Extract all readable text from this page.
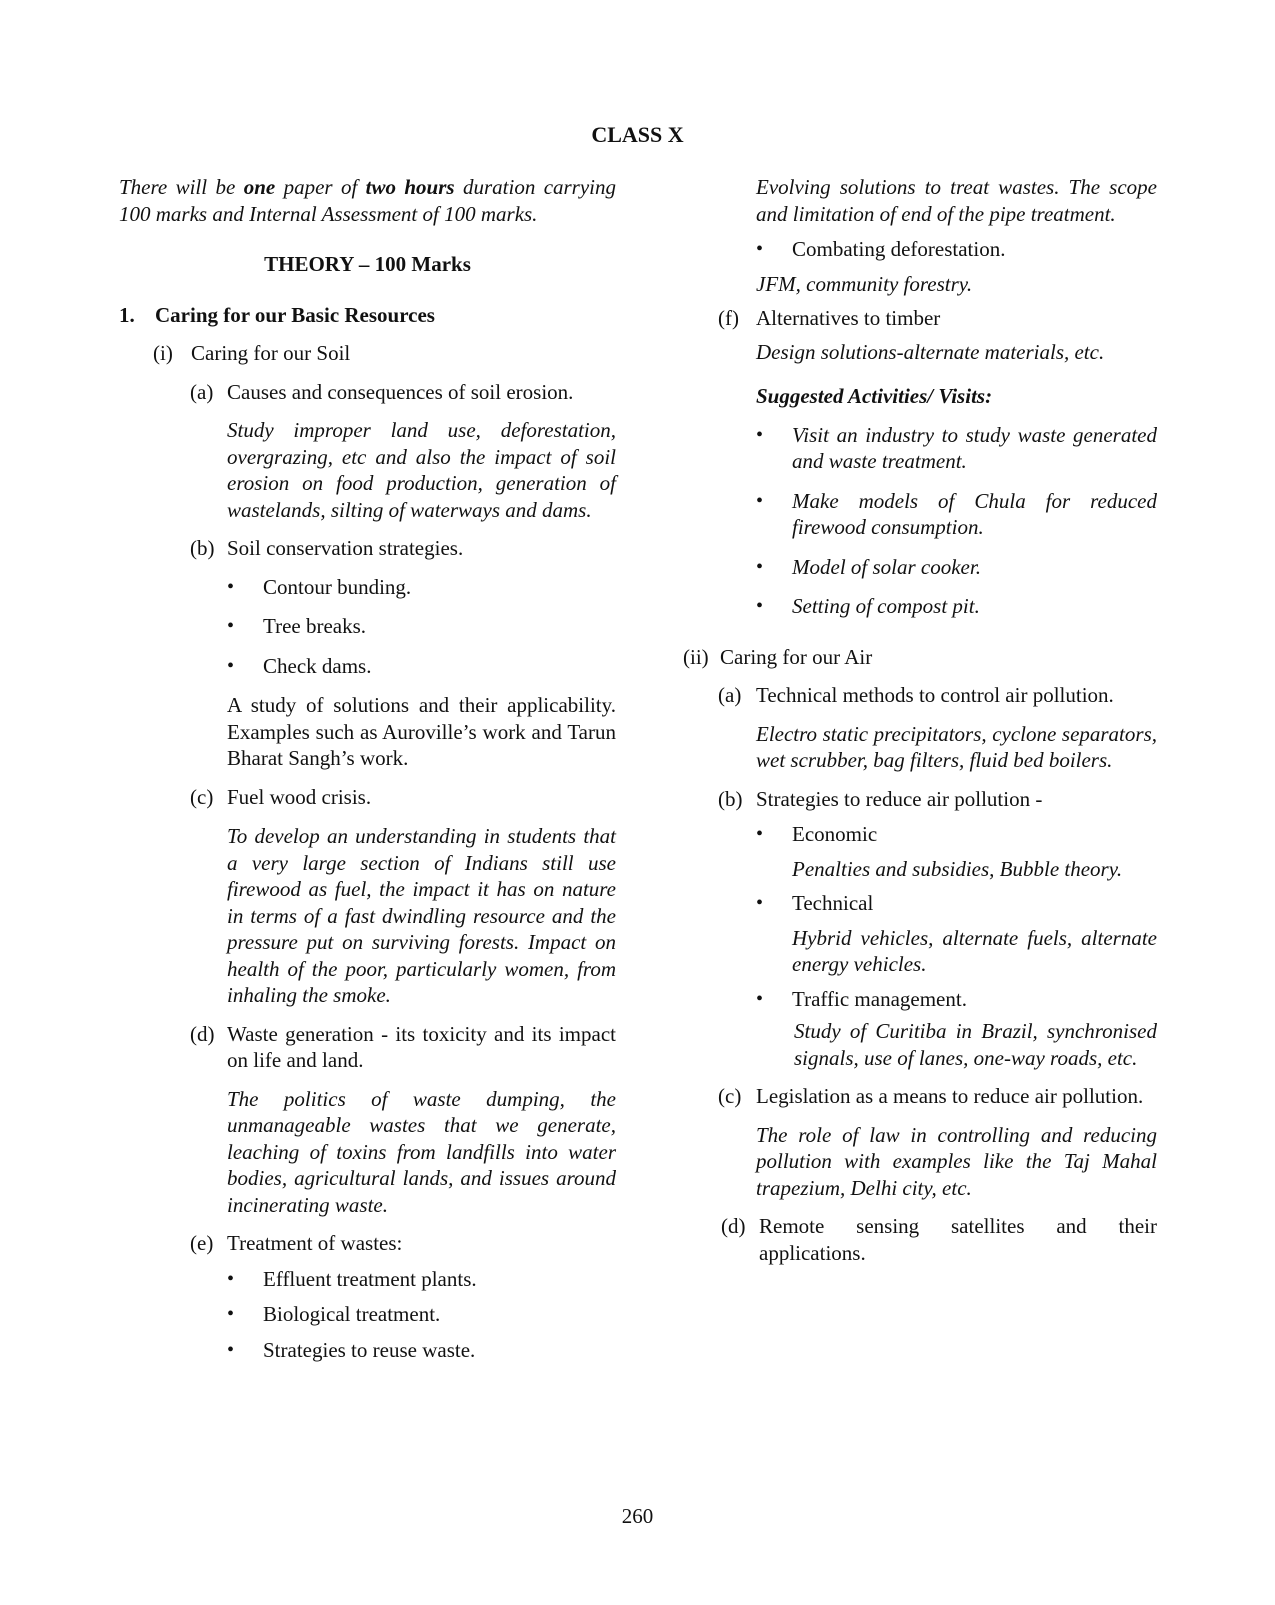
CLASS X

There will be one paper of two hours duration carrying 100 marks and Internal Assessment of 100 marks.

THEORY – 100 Marks

1. Caring for our Basic Resources
(i) Caring for our Soil
(a) Causes and consequences of soil erosion.

Study improper land use, deforestation, overgrazing, etc and also the impact of soil erosion on food production, generation of wastelands, silting of waterways and dams.

(b) Soil conservation strategies.
•	Contour bunding.
•	Tree breaks.
•	Check dams.

A study of solutions and their applicability. Examples such as Auroville’s work and Tarun Bharat Sangh’s work.

(c) Fuel wood crisis.

To develop an understanding in students that a very large section of Indians still use firewood as fuel, the impact it has on nature in terms of a fast dwindling resource and the pressure put on surviving forests. Impact on health of the poor, particularly women, from inhaling the smoke.

(d) Waste generation - its toxicity and its impact on life and land.

The politics of waste dumping, the unmanageable wastes that we generate, leaching of toxins from landfills into water bodies, agricultural lands, and issues around incinerating waste.

(e) Treatment of wastes:
•	Effluent treatment plants.
•	Biological treatment.
•	Strategies to reuse waste.

Evolving solutions to treat wastes. The scope and limitation of end of the pipe treatment.

•	Combating deforestation.

JFM, community forestry.

(f) Alternatives to timber

Design solutions-alternate materials, etc.

Suggested Activities/ Visits:

•	Visit an industry to study waste generated and waste treatment.
•	Make models of Chula for reduced firewood consumption.
•	Model of solar cooker.
•	Setting of compost pit.
(ii) Caring for our Air
(a) Technical methods to control air pollution.

Electro static precipitators, cyclone separators, wet scrubber, bag filters, fluid bed boilers.

(b) Strategies to reduce air pollution -
•	Economic

Penalties and subsidies, Bubble theory.

•	Technical

Hybrid vehicles, alternate fuels, alternate energy vehicles.

•	Traffic management.

Study of Curitiba in Brazil, synchronised signals, use of lanes, one-way roads, etc.

(c) Legislation as a means to reduce air pollution.

The role of law in controlling and reducing pollution with examples like the Taj Mahal trapezium, Delhi city, etc.

(d) Remote sensing satellites and their applications.
260
